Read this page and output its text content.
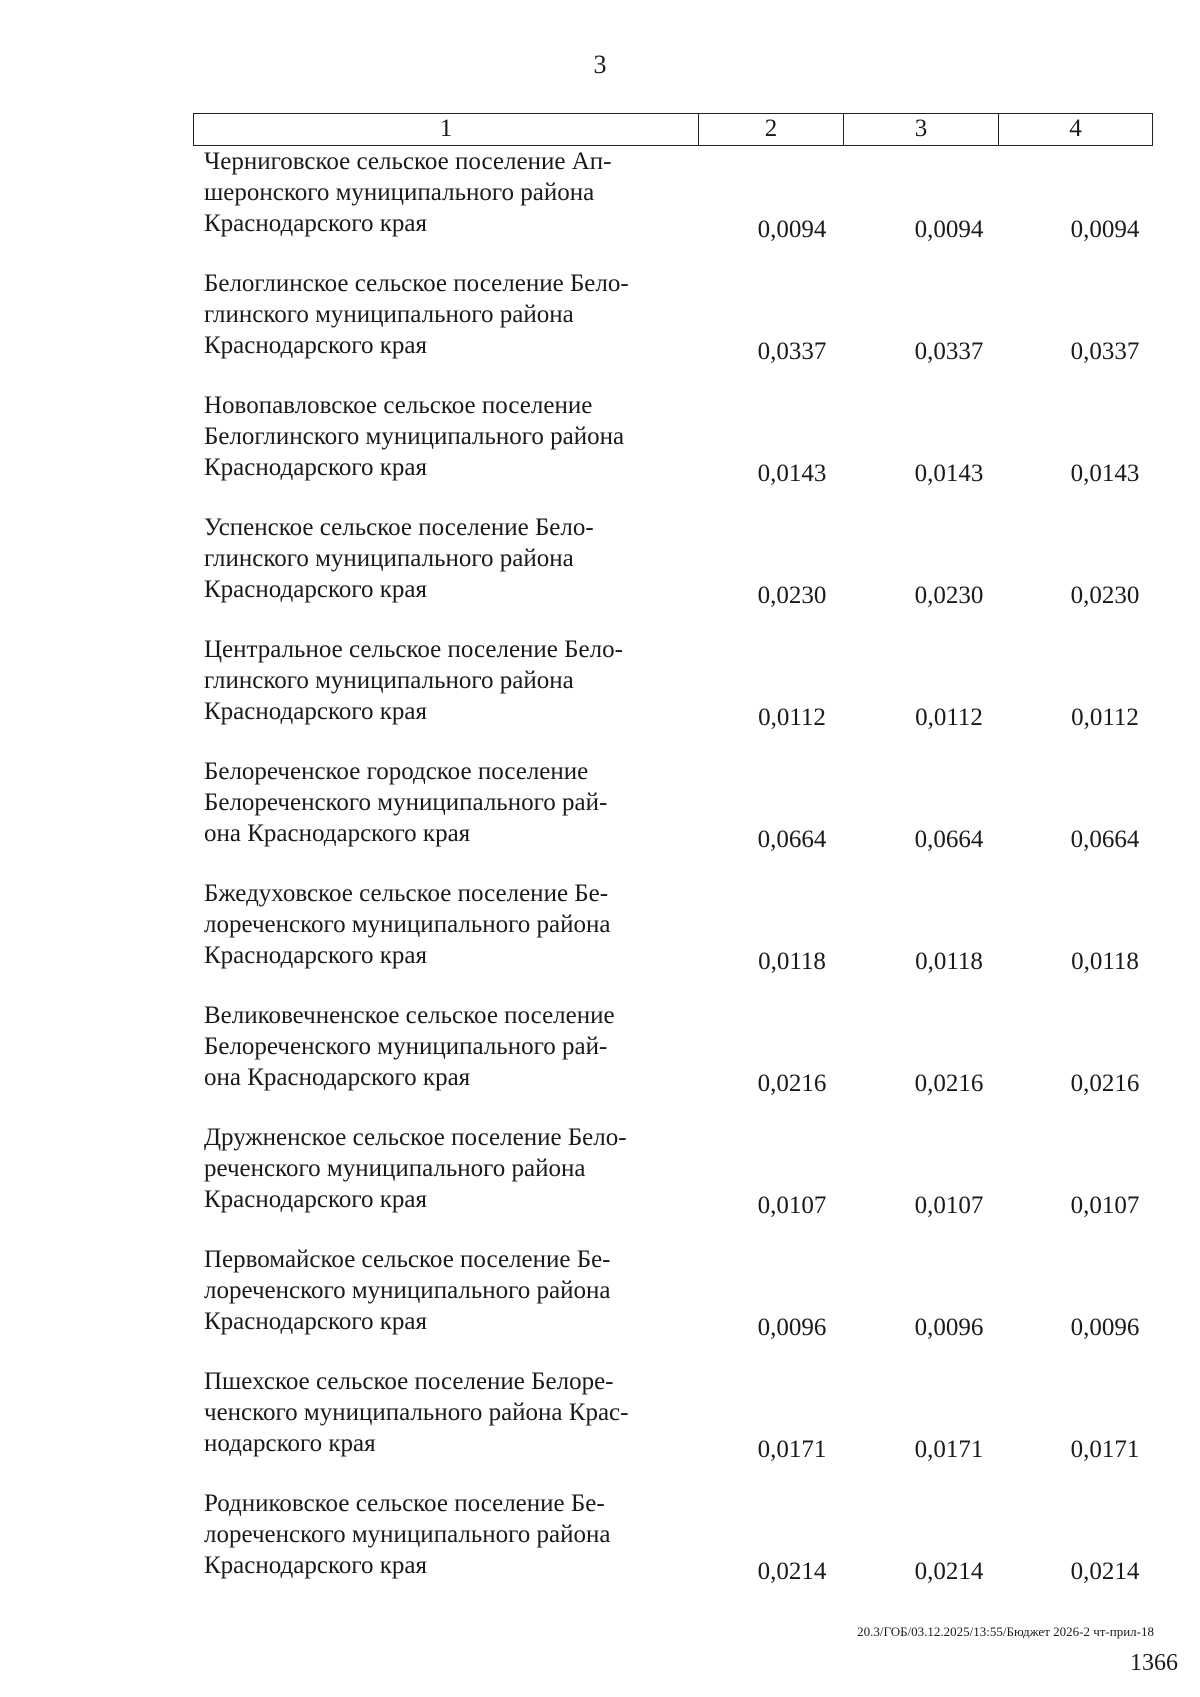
3
1	2	3	4
Черниговское сельское поселение Ап-
шеронского муниципального района
Краснодарского края	0,0094	0,0094	0,0094
Белоглинское сельское поселение Бело-
глинского муниципального района
Краснодарского края	0,0337	0,0337	0,0337
Новопавловское сельское поселение
Белоглинского муниципального района
Краснодарского края	0,0143	0,0143	0,0143
Успенское сельское поселение Бело-
глинского муниципального района
Краснодарского края	0,0230	0,0230	0,0230
Центральное сельское поселение Бело-
глинского муниципального района
Краснодарского края	0,0112	0,0112	0,0112
Белореченское городское поселение
Белореченского муниципального рай-
она Краснодарского края	0,0664	0,0664	0,0664
Бжедуховское сельское поселение Бе-
лореченского муниципального района
Краснодарского края	0,0118	0,0118	0,0118
Великовечненское сельское поселение
Белореченского муниципального рай-
она Краснодарского края	0,0216	0,0216	0,0216
Дружненское сельское поселение Бело-
реченского муниципального района
Краснодарского края	0,0107	0,0107	0,0107
Первомайское сельское поселение Бе-
лореченского муниципального района
Краснодарского края	0,0096	0,0096	0,0096
Пшехское сельское поселение Белоре-
ченского муниципального района Крас-
нодарского края	0,0171	0,0171	0,0171
Родниковское сельское поселение Бе-
лореченского муниципального района
Краснодарского края	0,0214	0,0214	0,0214
20.3/ГОБ/03.12.2025/13:55/Бюджет 2026-2 чт-прил-18
1366
